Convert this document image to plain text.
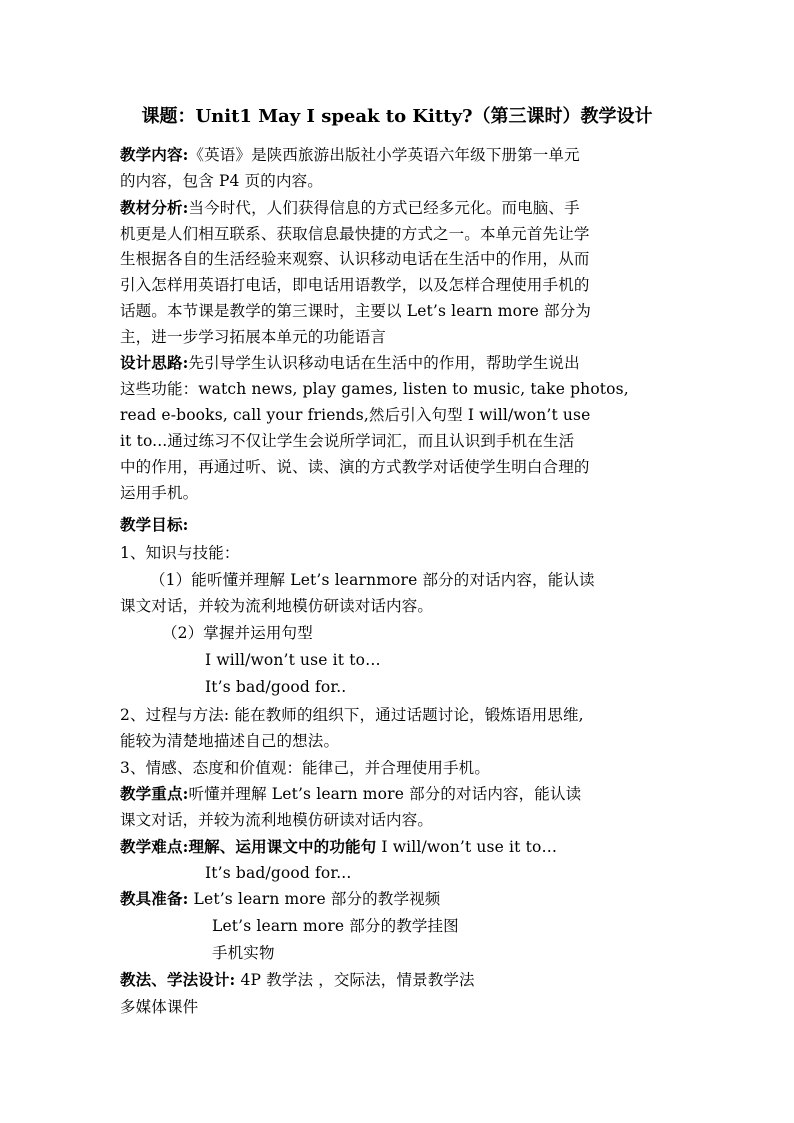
课题：Unit1 May I speak to Kitty?（第三课时）教学设计
教学内容:《英语》是陕西旅游出版社小学英语六年级下册第一单元
的内容，包含 P4 页的内容。
教材分析:当今时代，人们获得信息的方式已经多元化。而电脑、手
机更是人们相互联系、获取信息最快捷的方式之一。本单元首先让学
生根据各自的生活经验来观察、认识移动电话在生活中的作用，从而
引入怎样用英语打电话，即电话用语教学，以及怎样合理使用手机的
话题。本节课是教学的第三课时，主要以 Let’s learn more 部分为
主，进一步学习拓展本单元的功能语言
设计思路:先引导学生认识移动电话在生活中的作用，帮助学生说出
这些功能：watch news, play games, listen to music, take photos,
read e-books, call your friends,然后引入句型 I will/won’t use
it to...通过练习不仅让学生会说所学词汇，而且认识到手机在生活
中的作用，再通过听、说、读、演的方式教学对话使学生明白合理的
运用手机。
教学目标:
1、知识与技能：
（1）能听懂并理解 Let’s learnmore 部分的对话内容，能认读
课文对话，并较为流利地模仿研读对话内容。
（2）掌握并运用句型
I will/won’t use it to…
It’s bad/good for..
2、过程与方法: 能在教师的组织下，通过话题讨论，锻炼语用思维,
能较为清楚地描述自己的想法。
3、情感、态度和价值观：能律己，并合理使用手机。
教学重点:听懂并理解 Let’s learn more 部分的对话内容，能认读
课文对话，并较为流利地模仿研读对话内容。
教学难点:理解、运用课文中的功能句 I will/won’t use it to…
It’s bad/good for...
教具准备: Let’s learn more 部分的教学视频
Let’s learn more 部分的教学挂图
手机实物
教法、学法设计: 4P 教学法 ，交际法，情景教学法
多媒体课件
